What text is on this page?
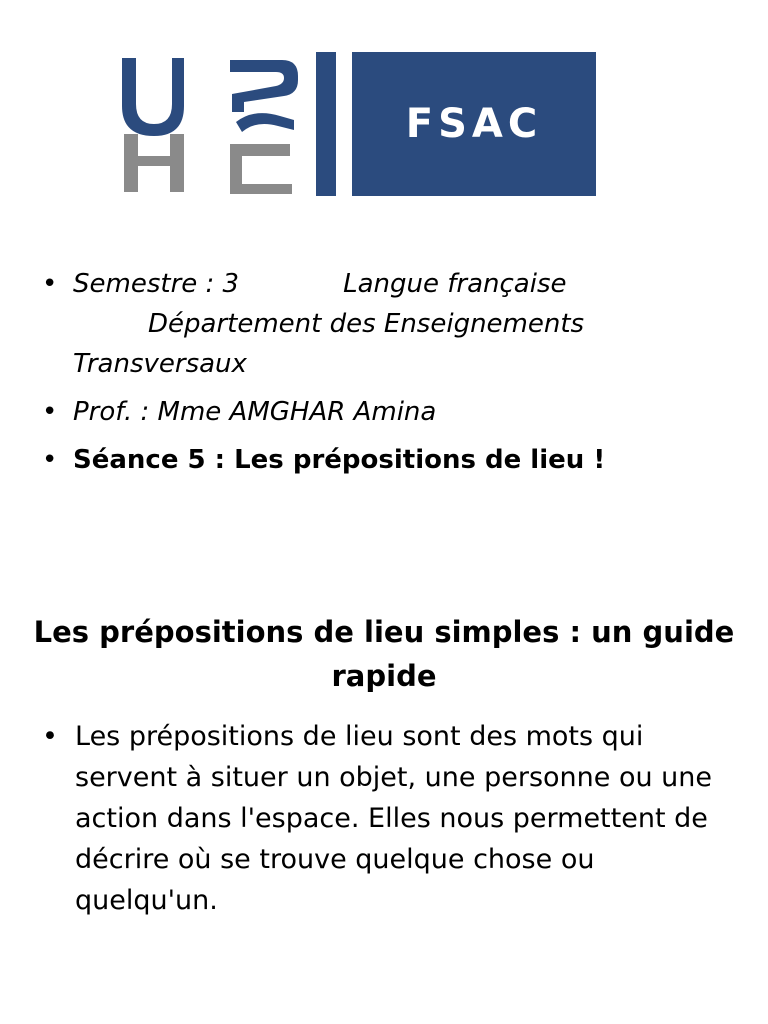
FSAC
• Semestre : 3	Langue française
Département des Enseignements
Transversaux
• Prof. : Mme AMGHAR Amina
• Séance 5 : Les prépositions de lieu !
Les prépositions de lieu simples : un guide rapide
• Les prépositions de lieu sont des mots qui servent à situer un objet, une personne ou une action dans l'espace. Elles nous permettent de décrire où se trouve quelque chose ou quelqu'un.
